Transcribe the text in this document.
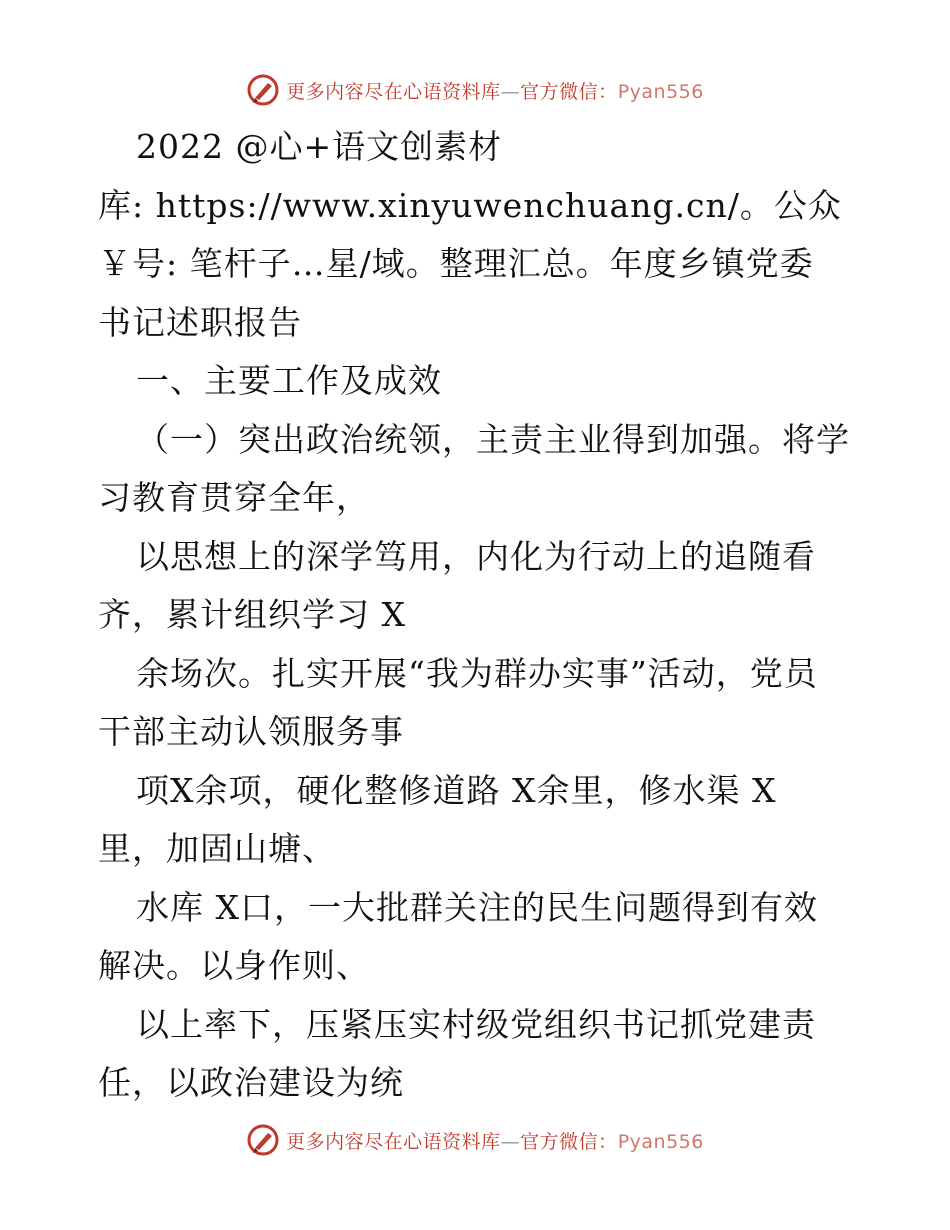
更多内容尽在心语资料库—官方微信：Pyan556
2022 @心+语文创素材
库: https://www.xinyuwenchuang.cn/。公众
￥号: 笔杆子…星/域。整理汇总。年度乡镇党委
书记述职报告
一、主要工作及成效
（一）突出政治统领，主责主业得到加强。将学
习教育贯穿全年，
以思想上的深学笃用，内化为行动上的追随看
齐，累计组织学习 X
余场次。扎实开展“我为群办实事”活动，党员
干部主动认领服务事
项X余项，硬化整修道路 X余里，修水渠 X
里，加固山塘、
水库 X口，一大批群关注的民生问题得到有效
解决。以身作则、
以上率下，压紧压实村级党组织书记抓党建责
任，以政治建设为统
更多内容尽在心语资料库—官方微信：Pyan556
